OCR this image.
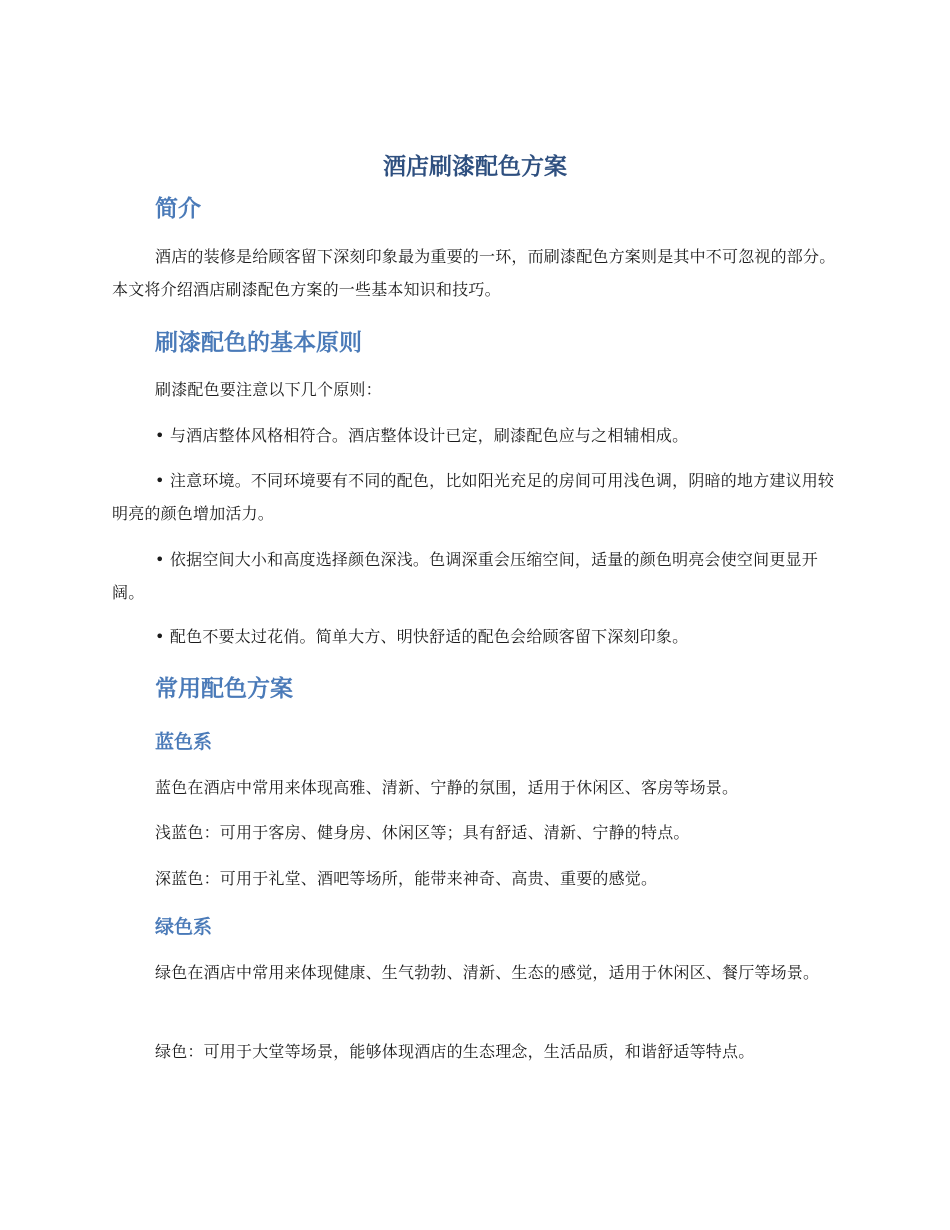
酒店刷漆配色方案
简介

酒店的装修是给顾客留下深刻印象最为重要的一环，而刷漆配色方案则是其中不可忽视的部分。本文将介绍酒店刷漆配色方案的一些基本知识和技巧。

刷漆配色的基本原则

刷漆配色要注意以下几个原则：

• 与酒店整体风格相符合。酒店整体设计已定，刷漆配色应与之相辅相成。

• 注意环境。不同环境要有不同的配色，比如阳光充足的房间可用浅色调，阴暗的地方建议用较明亮的颜色增加活力。

• 依据空间大小和高度选择颜色深浅。色调深重会压缩空间，适量的颜色明亮会使空间更显开阔。

• 配色不要太过花俏。简单大方、明快舒适的配色会给顾客留下深刻印象。

常用配色方案
蓝色系

蓝色在酒店中常用来体现高雅、清新、宁静的氛围，适用于休闲区、客房等场景。

浅蓝色：可用于客房、健身房、休闲区等；具有舒适、清新、宁静的特点。

深蓝色：可用于礼堂、酒吧等场所，能带来神奇、高贵、重要的感觉。

绿色系

绿色在酒店中常用来体现健康、生气勃勃、清新、生态的感觉，适用于休闲区、餐厅等场景。

绿色：可用于大堂等场景，能够体现酒店的生态理念，生活品质，和谐舒适等特点。
